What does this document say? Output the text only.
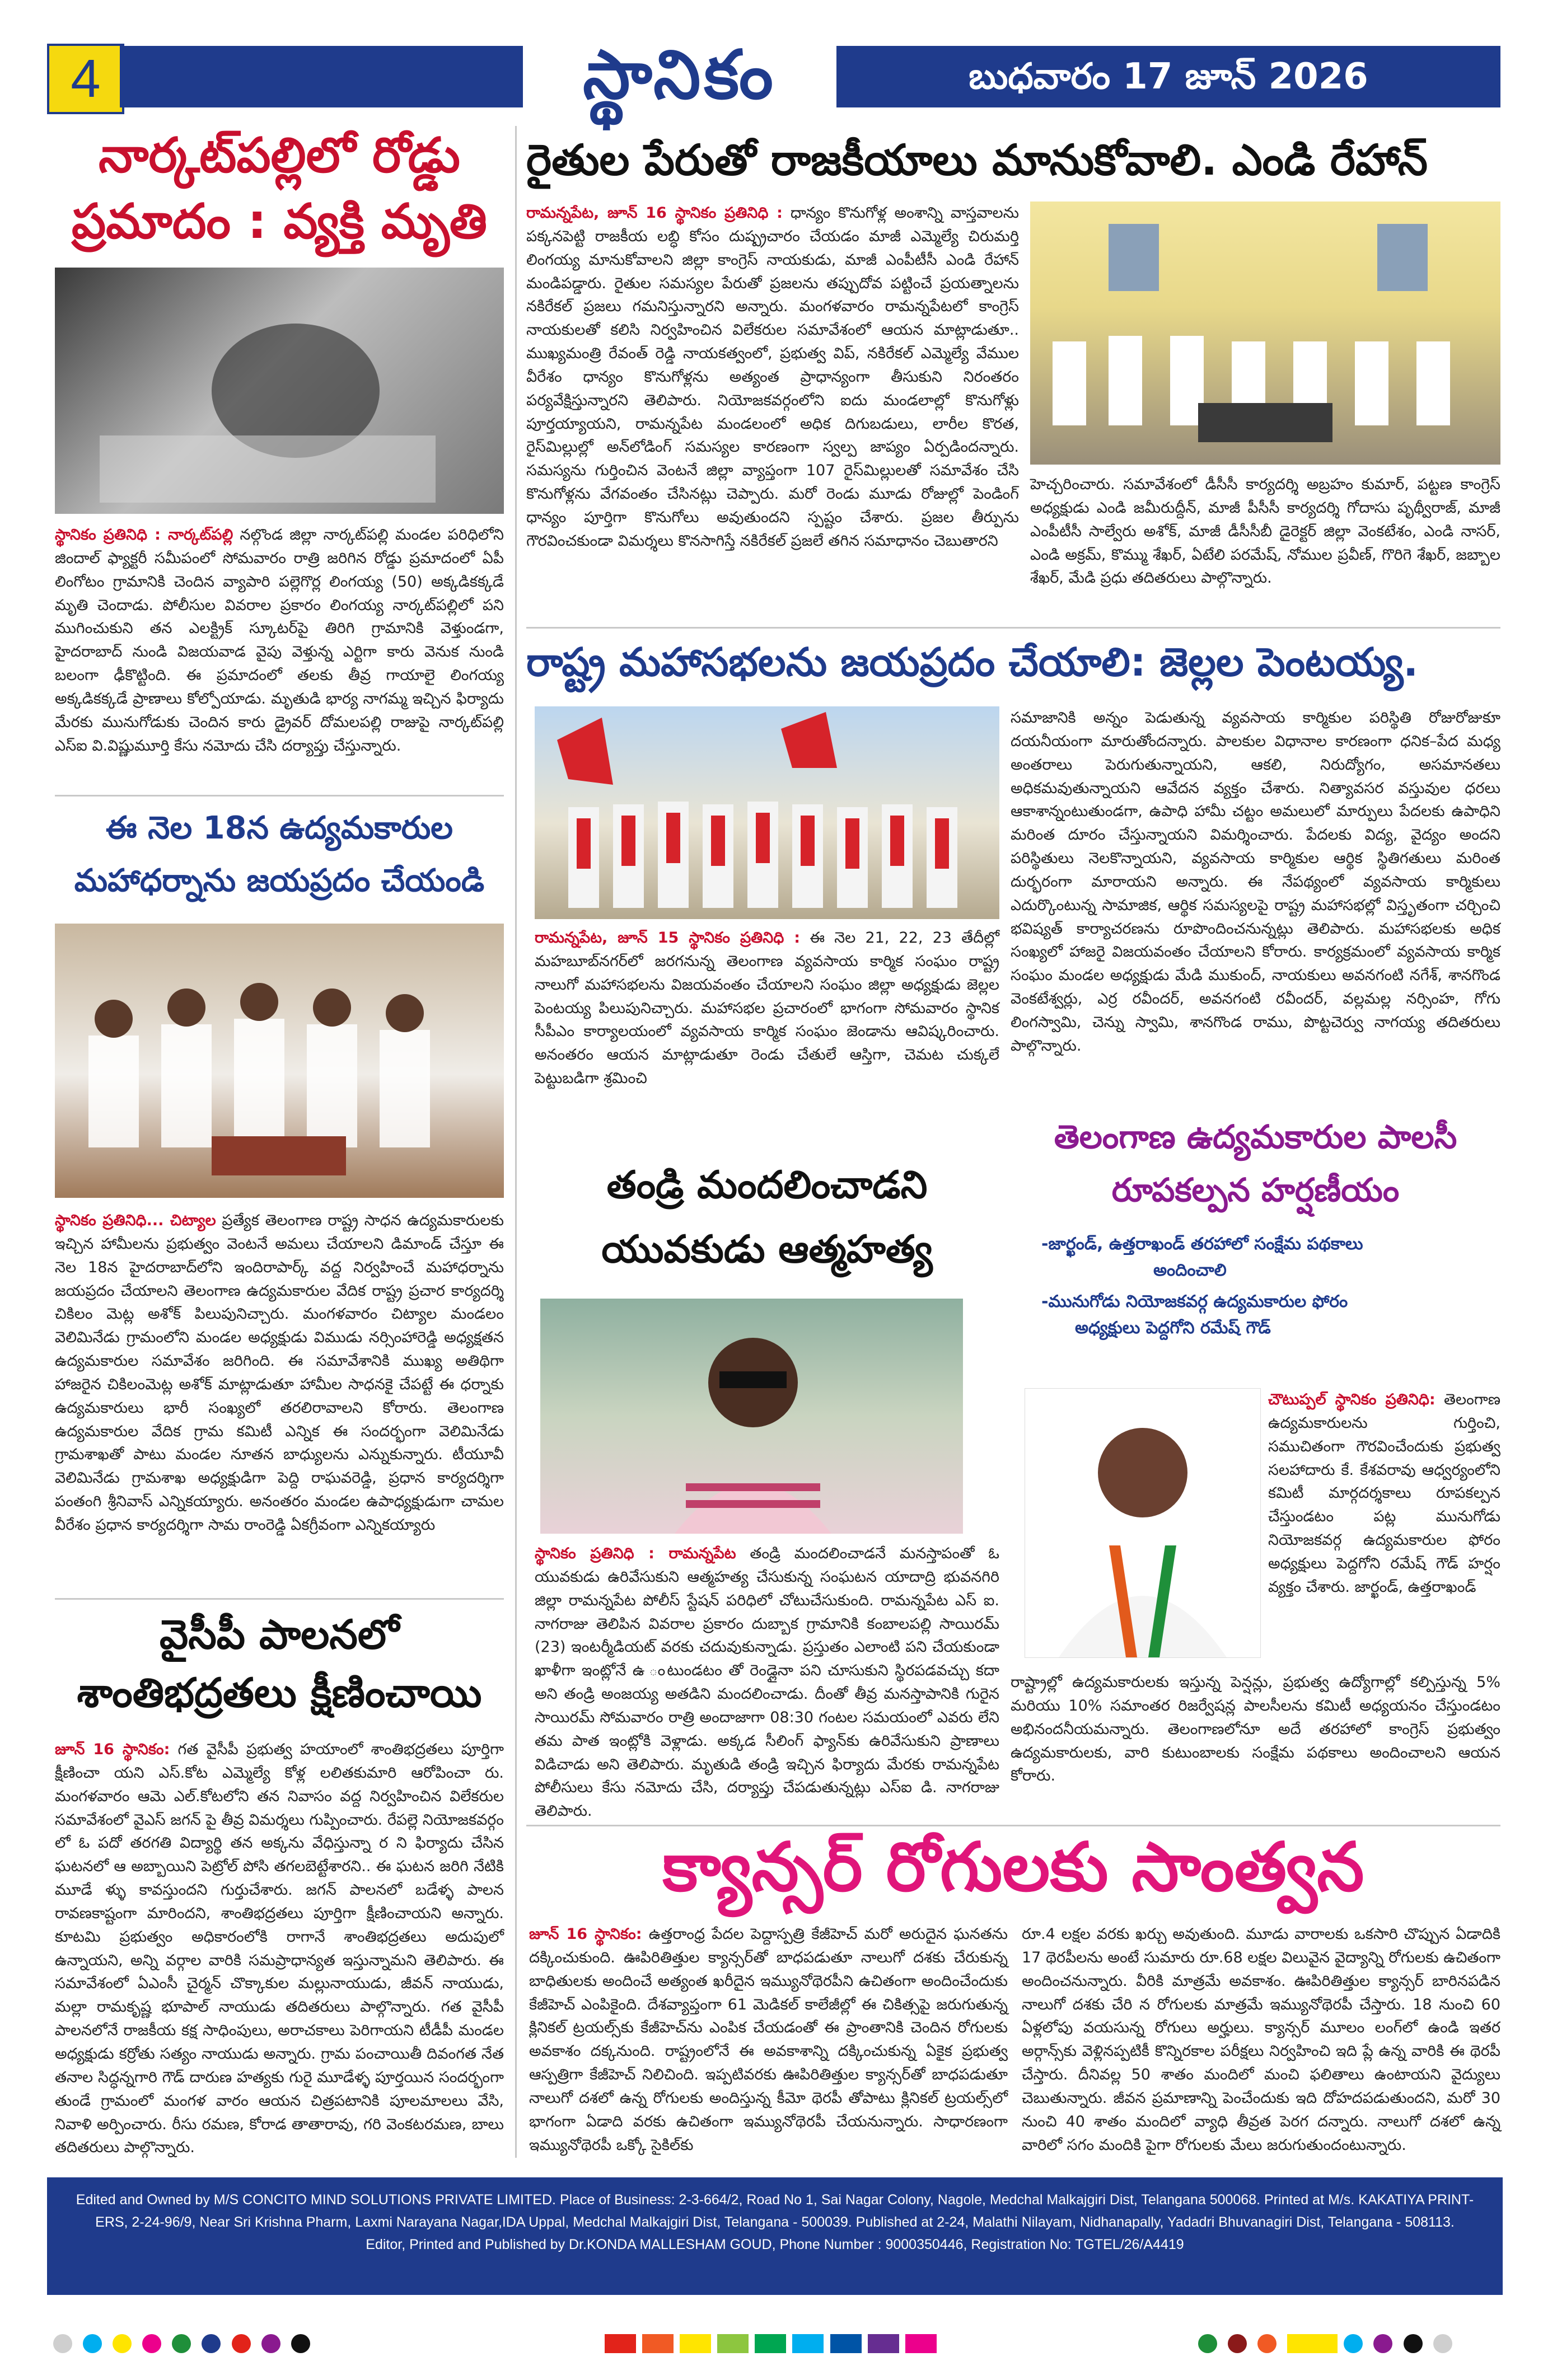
4	స్థానికం	బుధవారం 17 జూన్ 2026
నార్కట్‌పల్లిలో రోడ్డు
ప్రమాదం : వ్యక్తి మృతి
స్థానికం ప్రతినిధి : నార్కట్‌పల్లి నల్గొండ జిల్లా నార్కట్‌పల్లి మండల పరిధిలోని జిందాల్ ఫ్యాక్టరీ సమీపంలో సోమవారం రాత్రి జరిగిన రోడ్డు ప్రమాదంలో ఏపీ లింగోటం గ్రామానికి చెందిన వ్యాపారి పల్లెగొర్ల లింగయ్య (50) అక్కడికక్కడే మృతి చెందాడు. పోలీసుల వివరాల ప్రకారం లింగయ్య నార్కట్‌పల్లిలో పని ముగించుకుని తన ఎలక్ట్రిక్ స్కూటర్‌పై తిరిగి గ్రామానికి వెళ్తుండగా, హైదరాబాద్ నుండి విజయవాడ వైపు వెళ్తున్న ఎర్టిగా కారు వెనుక నుండి బలంగా ఢీకొట్టింది. ఈ ప్రమాదంలో తలకు తీవ్ర గాయాలై లింగయ్య అక్కడికక్కడే ప్రాణాలు కోల్పోయాడు. మృతుడి భార్య నాగమ్మ ఇచ్చిన ఫిర్యాదు మేరకు మునుగోడుకు చెందిన కారు డ్రైవర్ దోమలపల్లి రాజుపై నార్కట్‌పల్లి ఎస్ఐ వి.విష్ణుమూర్తి కేసు నమోదు చేసి దర్యాప్తు చేస్తున్నారు.
ఈ నెల 18న ఉద్యమకారుల
మహాధర్నాను జయప్రదం చేయండి
స్థానికం ప్రతినిధి... చిట్యాల ప్రత్యేక తెలంగాణ రాష్ట్ర సాధన ఉద్యమకారులకు ఇచ్చిన హామీలను ప్రభుత్వం వెంటనే అమలు చేయాలని డిమాండ్ చేస్తూ ఈ నెల 18న హైదరాబాద్‌లోని ఇందిరాపార్క్ వద్ద నిర్వహించే మహాధర్నాను జయప్రదం చేయాలని తెలంగాణ ఉద్యమకారుల వేదిక రాష్ట్ర ప్రచార కార్యదర్శి చికిలం మెట్ల అశోక్ పిలుపునిచ్చారు. మంగళవారం చిట్యాల మండలం వెలిమినేడు గ్రామంలోని మండల అధ్యక్షుడు విముడు నర్సింహారెడ్డి అధ్యక్షతన ఉద్యమకారుల సమావేశం జరిగింది. ఈ సమావేశానికి ముఖ్య అతిథిగా హాజరైన చికిలంమెట్ల అశోక్ మాట్లాడుతూ హామీల సాధనకై చేపట్టే ఈ ధర్నాకు ఉద్యమకారులు భారీ సంఖ్యలో తరలిరావాలని కోరారు. తెలంగాణ ఉద్యమకారుల వేదిక గ్రామ కమిటీ ఎన్నిక ఈ సందర్భంగా వెలిమినేడు గ్రామశాఖతో పాటు మండల నూతన బాధ్యులను ఎన్నుకున్నారు. టీయూవీ వెలిమినేడు గ్రామశాఖ అధ్యక్షుడిగా పెద్ది రాఘవరెడ్డి, ప్రధాన కార్యదర్శిగా పంతంగి శ్రీనివాస్ ఎన్నికయ్యారు. అనంతరం మండల ఉపాధ్యక్షుడుగా చామల వీరేశం ప్రధాన కార్యదర్శిగా సామ రాంరెడ్డి ఏకగ్రీవంగా ఎన్నికయ్యారు
వైసీపీ పాలనలో
శాంతిభద్రతలు క్షీణించాయి
జూన్ 16 స్థానికం: గత వైసీపీ ప్రభుత్వ హయాంలో శాంతిభద్రతలు పూర్తిగా క్షీణించా యని ఎస్.కోట ఎమ్మెల్యే కోళ్ల లలితకుమారి ఆరోపించా రు. మంగళవారం ఆమె ఎల్.కోటలోని తన నివాసం వద్ద నిర్వహించిన విలేకరుల సమావేశంలో వైఎస్ జగన్ పై తీవ్ర విమర్శలు గుప్పించారు. రేపల్లె నియోజకవర్గం లో ఓ పదో తరగతి విద్యార్థి తన అక్కను వేధిస్తున్నా ర ని ఫిర్యాదు చేసిన ఘటనలో ఆ అబ్బాయిని పెట్రోల్ పోసి తగలబెట్టేశారని.. ఈ ఘటన జరిగి నేటికి మూడే ళ్ళు కావస్తుందని గుర్తుచేశారు. జగన్ పాలనలో బడేళ్ళ పాలన రావణకాష్టంగా మారిందని, శాంతిభద్రతలు పూర్తిగా క్షీణించాయని అన్నారు. కూటమి ప్రభుత్వం అధికారంలోకి రాగానే శాంతిభద్రతలు అదుపులో ఉన్నాయని, అన్ని వర్గాల వారికి సమప్రాధాన్యత ఇస్తున్నామని తెలిపారు. ఈ సమావేశంలో ఏఎంసీ చైర్మన్ చొక్కాకుల మల్లునాయుడు, జీవన్ నాయుడు, మల్లా రామకృష్ణ భూపాల్ నాయుడు తదితరులు పాల్గొన్నారు. గత వైసీపీ పాలనలోనే రాజకీయ కక్ష సాధింపులు, అరాచకాలు పెరిగాయని టీడీపీ మండల అధ్యక్షుడు కర్రోతు సత్యం నాయుడు అన్నారు. గ్రామ పంచాయితీ దివంగత నేత తనాల సిద్ధన్నగారి గౌడ్ దారుణ హత్యకు గురై మూడేళ్ళ పూర్తయిన సందర్భంగా తుండే గ్రామంలో మంగళ వారం ఆయన చిత్రపటానికి పూలమాలలు వేసి, నివాళి అర్పించారు. రీసు రమణ, కోరాడ తాతారావు, గరి వెంకటరమణ, బాలు తదితరులు పాల్గొన్నారు.
రైతుల పేరుతో రాజకీయాలు మానుకోవాలి. ఎండి రేహాన్
రామన్నపేట, జూన్ 16 స్థానికం ప్రతినిధి : ధాన్యం కొనుగోళ్ల అంశాన్ని వాస్తవాలను పక్కనపెట్టి రాజకీయ లబ్ధి కోసం దుష్ప్రచారం చేయడం మాజీ ఎమ్మెల్యే చిరుమర్తి లింగయ్య మానుకోవాలని జిల్లా కాంగ్రెస్ నాయకుడు, మాజీ ఎంపీటీసీ ఎండి రేహాన్ మండిపడ్డారు. రైతుల సమస్యల పేరుతో ప్రజలను తప్పుదోవ పట్టించే ప్రయత్నాలను నకిరేకల్ ప్రజలు గమనిస్తున్నారని అన్నారు. మంగళవారం రామన్నపేటలో కాంగ్రెస్ నాయకులతో కలిసి నిర్వహించిన విలేకరుల సమావేశంలో ఆయన మాట్లాడుతూ.. ముఖ్యమంత్రి రేవంత్ రెడ్డి నాయకత్వంలో, ప్రభుత్వ విప్, నకిరేకల్ ఎమ్మెల్యే వేముల వీరేశం ధాన్యం కొనుగోళ్లను అత్యంత ప్రాధాన్యంగా తీసుకుని నిరంతరం పర్యవేక్షిస్తున్నారని తెలిపారు. నియోజకవర్గంలోని ఐదు మండలాల్లో కొనుగోళ్లు పూర్తయ్యాయని, రామన్నపేట మండలంలో అధిక దిగుబడులు, లారీల కొరత, రైస్‌మిల్లుల్లో అన్‌లోడింగ్ సమస్యల కారణంగా స్వల్ప జాప్యం ఏర్పడిందన్నారు. సమస్యను గుర్తించిన వెంటనే జిల్లా వ్యాప్తంగా 107 రైస్‌మిల్లులతో సమావేశం చేసి కొనుగోళ్లను వేగవంతం చేసినట్లు చెప్పారు. మరో రెండు మూడు రోజుల్లో పెండింగ్ ధాన్యం పూర్తిగా కొనుగోలు అవుతుందని స్పష్టం చేశారు. ప్రజల తీర్పును గౌరవించకుండా విమర్శలు కొనసాగిస్తే నకిరేకల్ ప్రజలే తగిన సమాధానం చెబుతారని
హెచ్చరించారు. సమావేశంలో డీసీసీ కార్యదర్శి అబ్రహం కుమార్, పట్టణ కాంగ్రెస్ అధ్యక్షుడు ఎండి జమీరుద్దీన్, మాజీ పీసీసీ కార్యదర్శి గోదాసు పృథ్వీరాజ్, మాజీ ఎంపీటీసీ సాల్వేరు అశోక్, మాజీ డీసీసీబీ డైరెక్టర్ జిల్లా వెంకటేశం, ఎండి నాసర్, ఎండి అక్రమ్, కొమ్ము శేఖర్, ఏటేలి పరమేష్, నోముల ప్రవీణ్, గొరిగె శేఖర్, జబ్బాల శేఖర్, మేడి ప్రధు తదితరులు పాల్గొన్నారు.
రాష్ట్ర మహాసభలను జయప్రదం చేయాలి: జెల్లల పెంటయ్య.
రామన్నపేట, జూన్ 15 స్థానికం ప్రతినిధి : ఈ నెల 21, 22, 23 తేదీల్లో మహబూబ్‌నగర్‌లో జరగనున్న తెలంగాణ వ్యవసాయ కార్మిక సంఘం రాష్ట్ర నాలుగో మహాసభలను విజయవంతం చేయాలని సంఘం జిల్లా అధ్యక్షుడు జెల్లల పెంటయ్య పిలుపునిచ్చారు. మహాసభల ప్రచారంలో భాగంగా సోమవారం స్థానిక సీపీఎం కార్యాలయంలో వ్యవసాయ కార్మిక సంఘం జెండాను ఆవిష్కరించారు. అనంతరం ఆయన మాట్లాడుతూ రెండు చేతులే ఆస్తిగా, చెమట చుక్కలే పెట్టుబడిగా శ్రమించి
సమాజానికి అన్నం పెడుతున్న వ్యవసాయ కార్మికుల పరిస్థితి రోజురోజుకూ దయనీయంగా మారుతోందన్నారు. పాలకుల విధానాల కారణంగా ధనిక–పేద మధ్య అంతరాలు పెరుగుతున్నాయని, ఆకలి, నిరుద్యోగం, అసమానతలు అధికమవుతున్నాయని ఆవేదన వ్యక్తం చేశారు. నిత్యావసర వస్తువుల ధరలు ఆకాశాన్నంటుతుండగా, ఉపాధి హామీ చట్టం అమలులో మార్పులు పేదలకు ఉపాధిని మరింత దూరం చేస్తున్నాయని విమర్శించారు. పేదలకు విద్య, వైద్యం అందని పరిస్థితులు నెలకొన్నాయని, వ్యవసాయ కార్మికుల ఆర్థిక స్థితిగతులు మరింత దుర్భరంగా మారాయని అన్నారు. ఈ నేపథ్యంలో వ్యవసాయ కార్మికులు ఎదుర్కొంటున్న సామాజిక, ఆర్థిక సమస్యలపై రాష్ట్ర మహాసభల్లో విస్తృతంగా చర్చించి భవిష్యత్ కార్యాచరణను రూపొందించనున్నట్లు తెలిపారు. మహాసభలకు అధిక సంఖ్యలో హాజరై విజయవంతం చేయాలని కోరారు. కార్యక్రమంలో వ్యవసాయ కార్మిక సంఘం మండల అధ్యక్షుడు మేడి ముకుంద్, నాయకులు అవనగంటి నగేశ్, శానగొండ వెంకటేశ్వర్లు, ఎర్ర రవీందర్, అవనగంటి రవీందర్, వల్లమల్ల నర్సింహ, గోగు లింగస్వామి, చెన్ను స్వామి, శానగొండ రాము, పొట్టచెర్వు నాగయ్య తదితరులు పాల్గొన్నారు.
తండ్రి మందలించాడని
యువకుడు ఆత్మహత్య
స్థానికం ప్రతినిధి : రామన్నపేట తండ్రి మందలించాడనే మనస్తాపంతో ఓ యువకుడు ఉరివేసుకుని ఆత్మహత్య చేసుకున్న సంఘటన యాదాద్రి భువనగిరి జిల్లా రామన్నపేట పోలీస్ స్టేషన్ పరిధిలో చోటుచేసుకుంది. రామన్నపేట ఎస్ ఐ. నాగరాజు తెలిపిన వివరాల ప్రకారం దుబ్బాక గ్రామానికి కంబాలపల్లి సాయిరమ్ (23) ఇంటర్మీడియట్ వరకు చదువుకున్నాడు. ప్రస్తుతం ఎలాంటి పని చేయకుండా ఖాళీగా ఇంట్లోనే ఉ ంటుండటం తో రెండ్లైనా పని చూసుకుని స్థిరపడవచ్చు కదా అని తండ్రి అంజయ్య అతడిని మందలించాడు. దీంతో తీవ్ర మనస్తాపానికి గురైన సాయిరమ్ సోమవారం రాత్రి అందాజాగా 08:30 గంటల సమయంలో ఎవరు లేని తమ పాత ఇంట్లోకి వెళ్లాడు. అక్కడ సీలింగ్ ఫ్యాన్‌కు ఉరివేసుకుని ప్రాణాలు విడిచాడు అని తెలిపారు. మృతుడి తండ్రి ఇచ్చిన ఫిర్యాదు మేరకు రామన్నపేట పోలీసులు కేసు నమోదు చేసి, దర్యాప్తు చేపడుతున్నట్లు ఎస్ఐ డి. నాగరాజు తెలిపారు.
తెలంగాణ ఉద్యమకారుల పాలసీ
రూపకల్పన హర్షణీయం
-జార్ఖండ్, ఉత్తరాఖండ్ తరహాలో సంక్షేమ పథకాలు
అందించాలి
-మునుగోడు నియోజకవర్గ ఉద్యమకారుల ఫోరం
అధ్యక్షులు పెద్దగోని రమేష్ గౌడ్
చౌటుప్పల్ స్థానికం ప్రతినిధి: తెలంగాణ ఉద్యమకారులను గుర్తించి, సముచితంగా గౌరవించేందుకు ప్రభుత్వ సలహాదారు కే. కేశవరావు ఆధ్వర్యంలోని కమిటీ మార్గదర్శకాలు రూపకల్పన చేస్తుండటం పట్ల మునుగోడు నియోజకవర్గ ఉద్యమకారుల ఫోరం అధ్యక్షులు పెద్దగోని రమేష్ గౌడ్ హర్షం వ్యక్తం చేశారు. జార్ఖండ్, ఉత్తరాఖండ్
రాష్ట్రాల్లో ఉద్యమకారులకు ఇస్తున్న పెన్షన్లు, ప్రభుత్వ ఉద్యోగాల్లో కల్పిస్తున్న 5% మరియు 10% సమాంతర రిజర్వేషన్ల పాలసీలను కమిటీ అధ్యయనం చేస్తుండటం అభినందనీయమన్నారు. తెలంగాణలోనూ అదే తరహాలో కాంగ్రెస్ ప్రభుత్వం ఉద్యమకారులకు, వారి కుటుంబాలకు సంక్షేమ పథకాలు అందించాలని ఆయన కోరారు.
క్యాన్సర్ రోగులకు సాంత్వన
జూన్ 16 స్థానికం: ఉత్తరాంధ్ర పేదల పెద్దాస్పత్రి కేజీహెచ్ మరో అరుదైన ఘనతను దక్కించుకుంది. ఊపిరితిత్తుల క్యాన్సర్‌తో బాధపడుతూ నాలుగో దశకు చేరుకున్న బాధితులకు అందించే అత్యంత ఖరీదైన ఇమ్యునోథెరపీని ఉచితంగా అందించేందుకు కేజీహెచ్ ఎంపికైంది. దేశవ్యాప్తంగా 61 మెడికల్ కాలేజీల్లో ఈ చికిత్సపై జరుగుతున్న క్లినికల్ ట్రయల్స్‌కు కేజీహెచ్‌ను ఎంపిక చేయడంతో ఈ ప్రాంతానికి చెందిన రోగులకు అవకాశం దక్కనుంది. రాష్ట్రంలోనే ఈ అవకాశాన్ని దక్కించుకున్న ఏకైక ప్రభుత్వ ఆస్పత్రిగా కేజీహెచ్ నిలిచింది. ఇప్పటివరకు ఊపిరితిత్తుల క్యాన్సర్‌తో బాధపడుతూ నాలుగో దశలో ఉన్న రోగులకు అందిస్తున్న కీమో థెరపీ తోపాటు క్లినికల్ ట్రయల్స్‌లో భాగంగా ఏడాది వరకు ఉచితంగా ఇమ్యునోథెరపీ చేయనున్నారు. సాధారణంగా ఇమ్యునోథెరపీ ఒక్కో సైకిల్‌కు
రూ.4 లక్షల వరకు ఖర్చు అవుతుంది. మూడు వారాలకు ఒకసారి చొప్పున ఏడాదికి 17 థెరపీలను అంటే సుమారు రూ.68 లక్షల విలువైన వైద్యాన్ని రోగులకు ఉచితంగా అందించనున్నారు. వీరికి మాత్రమే అవకాశం. ఊపిరితిత్తుల క్యాన్సర్ బారినపడిన నాలుగో దశకు చేరి న రోగులకు మాత్రమే ఇమ్యునోథెరపీ చేస్తారు. 18 నుంచి 60 ఏళ్లలోపు వయసున్న రోగులు అర్హులు. క్యాన్సర్ మూలం లంగ్‌లో ఉండి ఇతర అర్గాన్స్‌కు వెళ్లినప్పటికీ కొన్నిరకాల పరీక్షలు నిర్వహించి ఇది ప్లే ఉన్న వారికి ఈ థెరపీ చేస్తారు. దీనివల్ల 50 శాతం మందిలో మంచి ఫలితాలు ఉంటాయని వైద్యులు చెబుతున్నారు. జీవన ప్రమాణాన్ని పెంచేందుకు ఇది దోహదపడుతుందని, మరో 30 నుంచి 40 శాతం మందిలో వ్యాధి తీవ్రత పెరగ దన్నారు. నాలుగో దశలో ఉన్న వారిలో సగం మందికి పైగా రోగులకు మేలు జరుగుతుందంటున్నారు.
Edited and Owned by M/S CONCITO MIND SOLUTIONS PRIVATE LIMITED. Place of Business: 2-3-664/2, Road No 1, Sai Nagar Colony, Nagole, Medchal Malkajgiri Dist, Telangana 500068. Printed at M/s. KAKATIYA PRINT-
ERS, 2-24-96/9, Near Sri Krishna Pharm, Laxmi Narayana Nagar,IDA Uppal, Medchal Malkajgiri Dist, Telangana - 500039. Published at 2-24, Malathi Nilayam, Nidhanapally, Yadadri Bhuvanagiri Dist, Telangana - 508113.
Editor, Printed and Published by Dr.KONDA MALLESHAM GOUD, Phone Number : 9000350446, Registration No: TGTEL/26/A4419
